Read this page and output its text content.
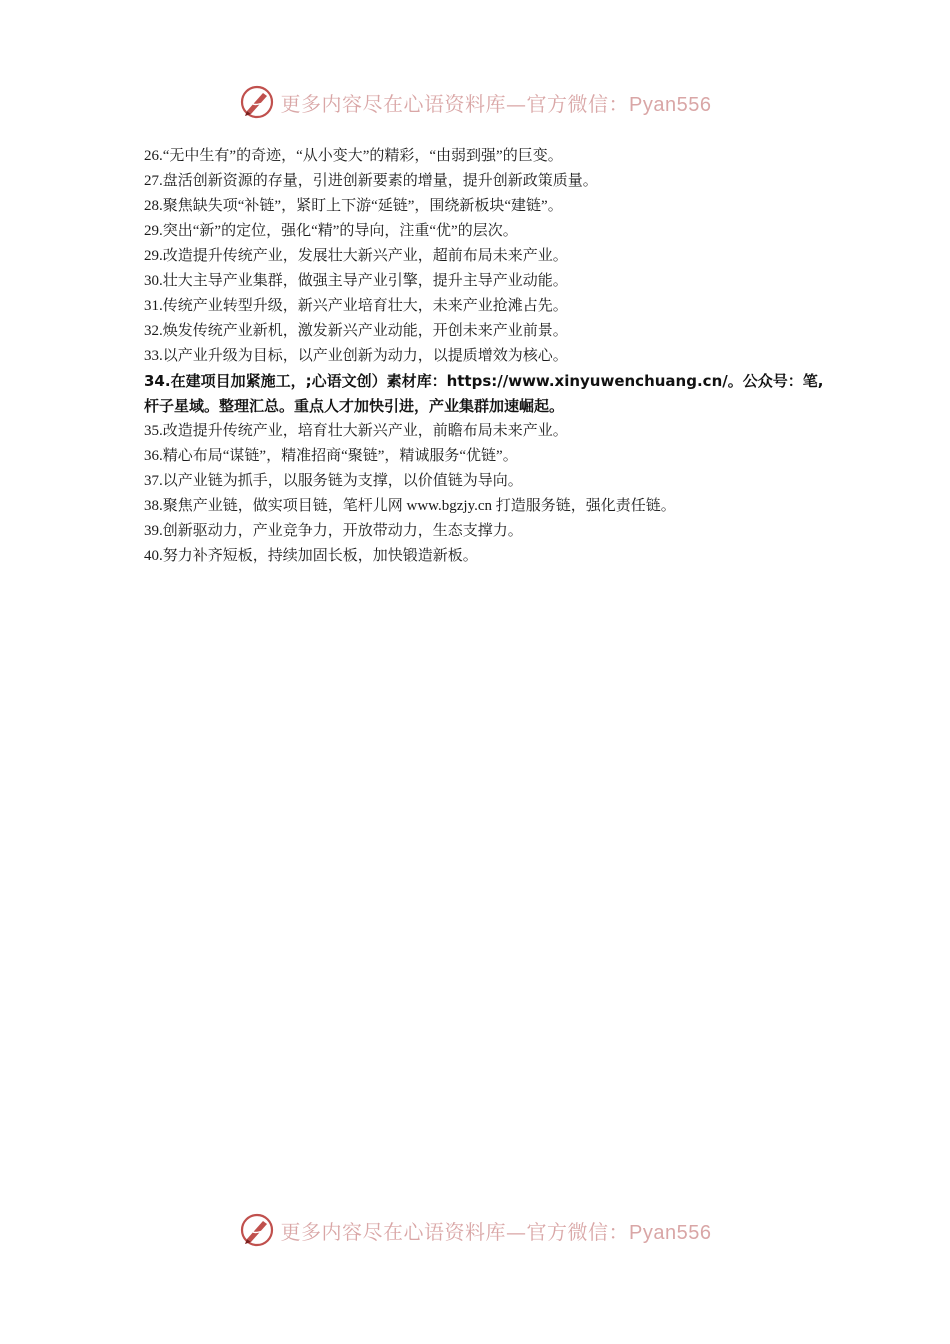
更多内容尽在心语资料库—官方微信：Pyan556
26.“无中生有”的奇迹，“从小变大”的精彩，“由弱到强”的巨变。
27.盘活创新资源的存量，引进创新要素的增量，提升创新政策质量。
28.聚焦缺失项“补链”，紧盯上下游“延链”，围绕新板块“建链”。
29.突出“新”的定位，强化“精”的导向，注重“优”的层次。
29.改造提升传统产业，发展壮大新兴产业，超前布局未来产业。
30.壮大主导产业集群，做强主导产业引擎，提升主导产业动能。
31.传统产业转型升级，新兴产业培育壮大，未来产业抢滩占先。
32.焕发传统产业新机，激发新兴产业动能，开创未来产业前景。
33.以产业升级为目标，以产业创新为动力，以提质增效为核心。
34.在建项目加紧施工，;心语文创）素材库：https://www.xinyuwenchuang.cn/。公众号：笔,杆子星域。整理汇总。重点人才加快引进，产业集群加速崛起。
35.改造提升传统产业，培育壮大新兴产业，前瞻布局未来产业。
36.精心布局“谋链”，精准招商“聚链”，精诚服务“优链”。
37.以产业链为抓手，以服务链为支撑，以价值链为导向。
38.聚焦产业链，做实项目链，笔杆儿网 www.bgzjy.cn 打造服务链，强化责任链。
39.创新驱动力，产业竞争力，开放带动力，生态支撑力。
40.努力补齐短板，持续加固长板，加快锻造新板。
更多内容尽在心语资料库—官方微信：Pyan556
